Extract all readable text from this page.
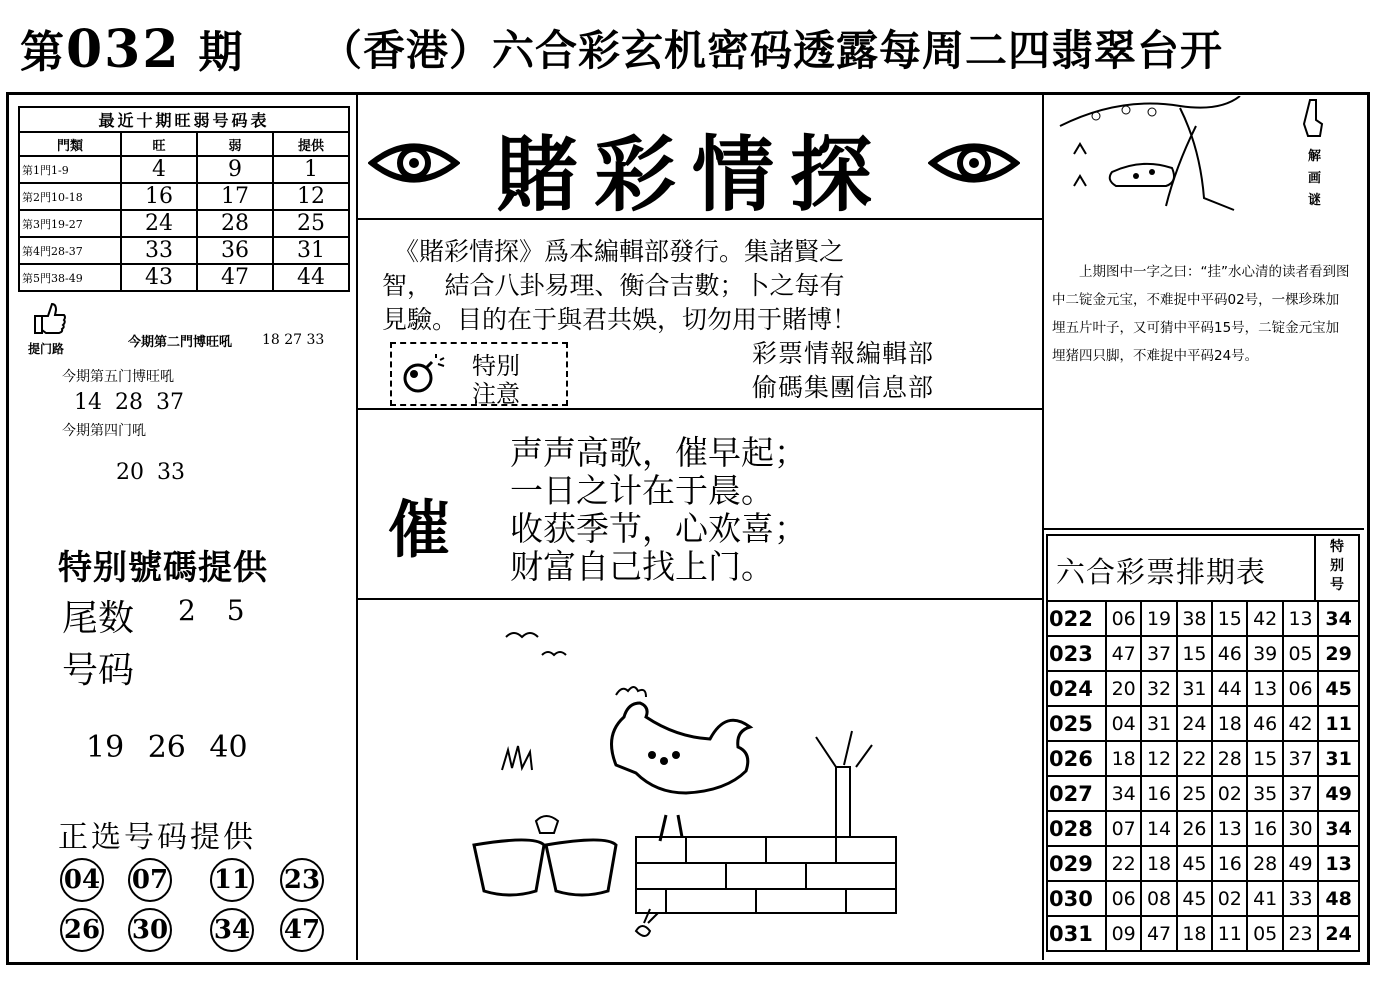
第032 期 （香港）六合彩玄机密码透露每周二四翡翠台开
最近十期旺弱号码表			
門類	旺	弱	提供
第1門1-9	4	9	1
第2門10-18	16	17	12
第3門19-27	24	28	25
第4門28-37	33	36	31
第5門38-49	43	47	44
提门路	今期第二門博旺吼 18 27 33
今期第五门博旺吼
14 28 37
今期第四门吼
20 33
特别號碼提供
尾数 2 5
号码
19 26 40
正选号码提供
04 07 11 23
26 30 34 47
賭彩情探
《賭彩情探》爲本編輯部發行。集諸賢之
智，　結合八卦易理、衡合吉數；卜之每有
見驗。目的在于與君共娛，切勿用于賭博！
特別
注意
彩票情報編輯部
偷碼集團信息部
催
声声高歌，催早起；
一日之计在于晨。
收获季节，心欢喜；
财富自己找上门。
解画谜
上期图中一字之曰：“挂”水心清的读者看到图中二锭金元宝，不难捉中平码02号，一棵珍珠加埋五片叶子，又可猜中平码15号，二锭金元宝加埋猪四只脚，不难捉中平码24号。
六合彩票排期表
特别号
022	06	19	38	15	42	13	34
023	47	37	15	46	39	05	29
024	20	32	31	44	13	06	45
025	04	31	24	18	46	42	11
026	18	12	22	28	15	37	31
027	34	16	25	02	35	37	49
028	07	14	26	13	16	30	34
029	22	18	45	16	28	49	13
030	06	08	45	02	41	33	48
031	09	47	18	11	05	23	24
